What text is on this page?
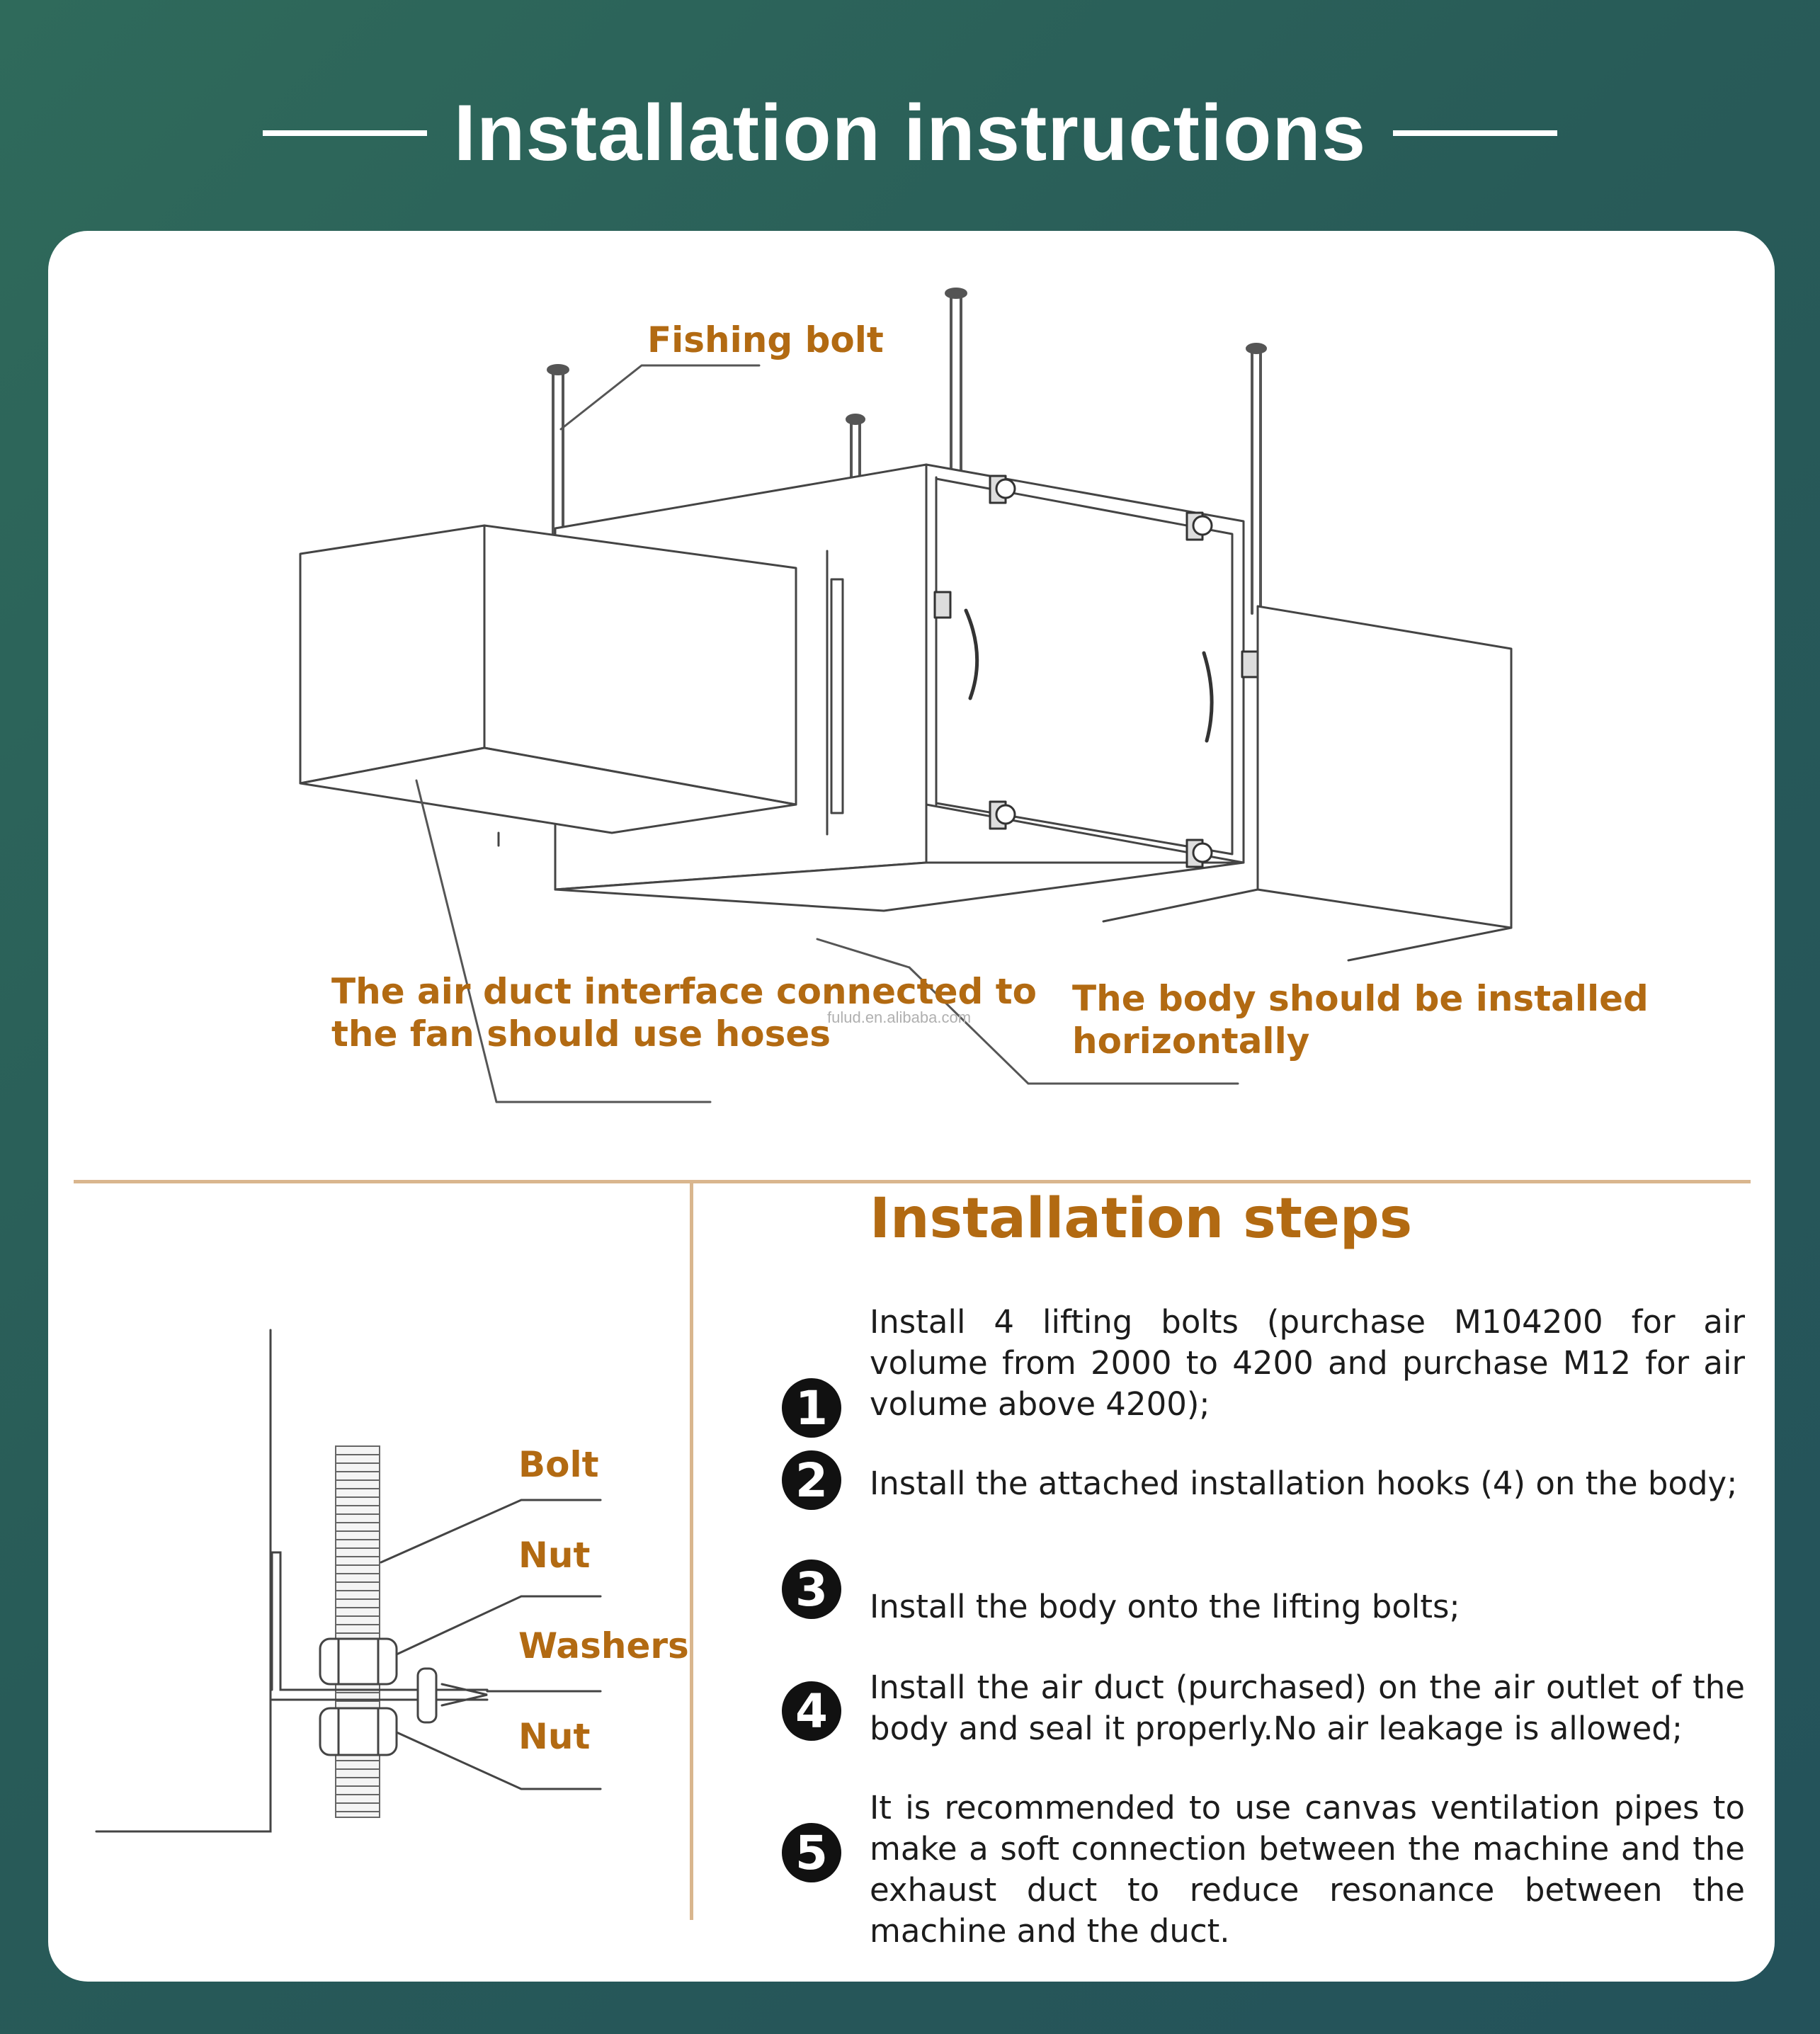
Installation instructions
Fishing bolt
The air duct interface connected to
the fan should use hoses
The body should be installed
horizontally
fulud.en.alibaba.com
Bolt
Nut
Washers
Nut
Installation steps
1
Install 4 lifting bolts (purchase M104200 for air volume from 2000 to 4200 and purchase M12 for air volume above 4200);
2	Install the attached installation hooks (4) on the body;
3	Install the body onto the lifting bolts;
4	Install the air duct (purchased) on the air outlet of the body and seal it properly.No air leakage is allowed;
5
It is recommended to use canvas ventilation pipes to make a soft connection between the machine and the exhaust duct to reduce resonance between the machine and the duct.
